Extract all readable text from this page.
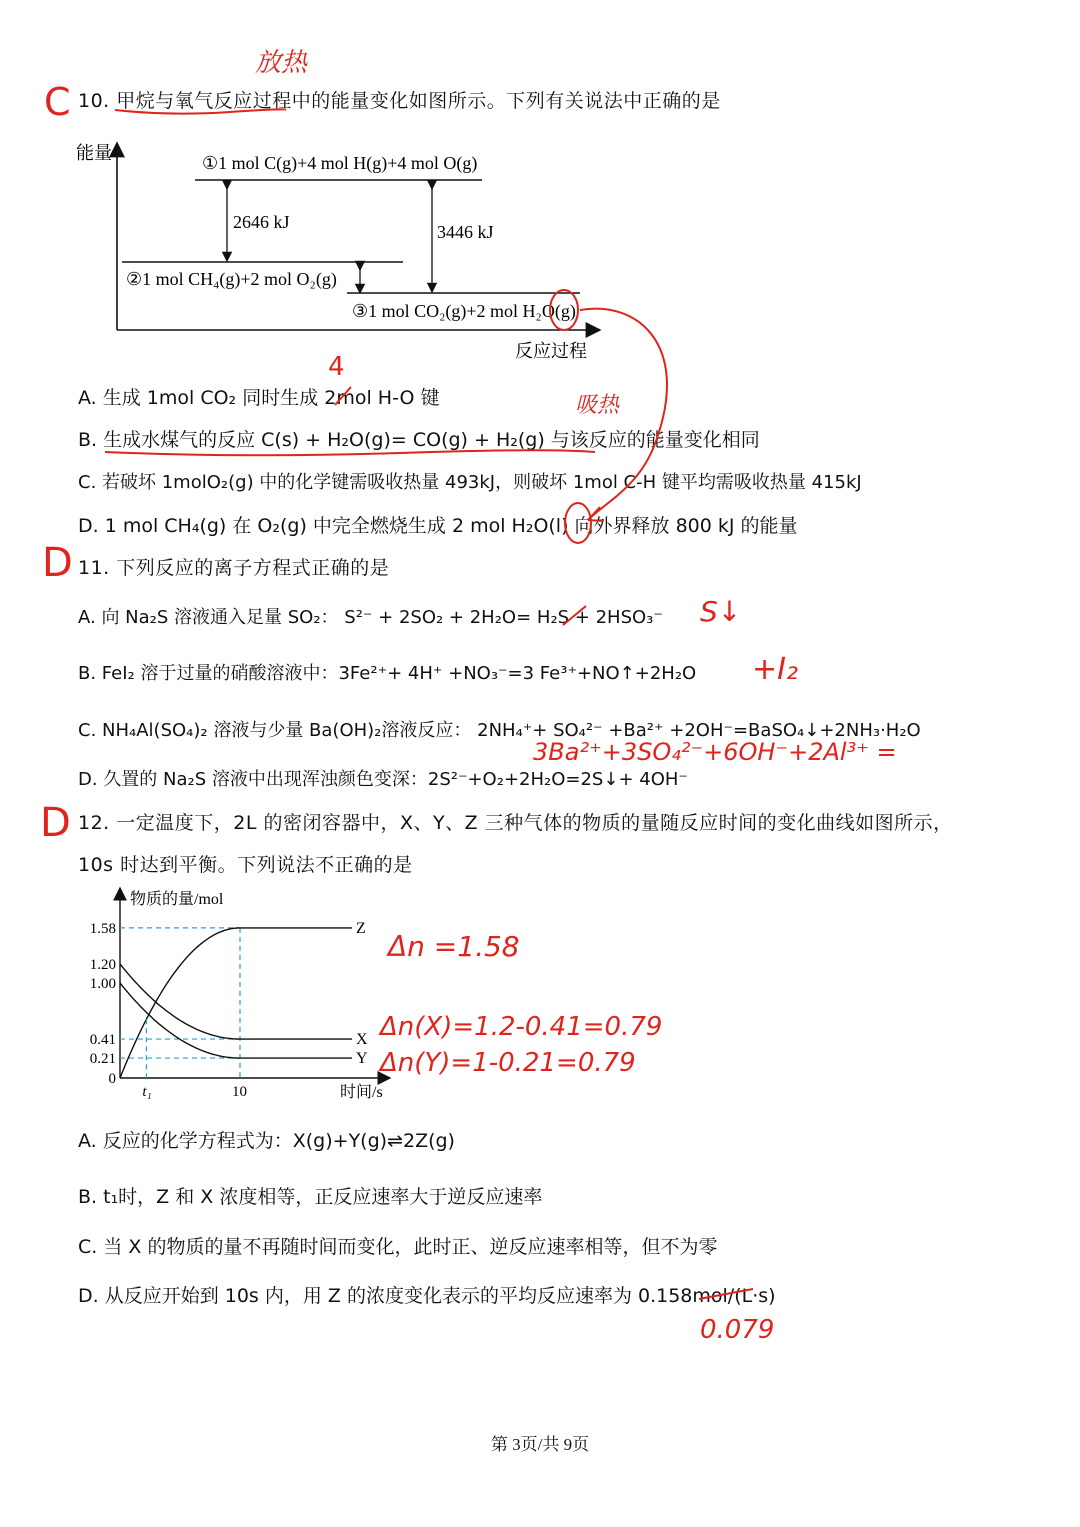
10. 甲烷与氧气反应过程中的能量变化如图所示。下列有关说法中正确的是
能量
反应过程
①1 mol C(g)+4 mol H(g)+4 mol O(g)
②1 mol CH₄(g)+2 mol O₂(g)
③1 mol CO₂(g)+2 mol H₂O(g)
2646 kJ	3446 kJ
A. 生成 1mol CO₂ 同时生成 2mol H-O 键
B. 生成水煤气的反应 C(s) + H₂O(g)= CO(g) + H₂(g) 与该反应的能量变化相同
C. 若破坏 1molO₂(g) 中的化学键需吸收热量 493kJ，则破坏 1mol C-H 键平均需吸收热量 415kJ
D. 1 mol CH₄(g) 在 O₂(g) 中完全燃烧生成 2 mol H₂O(l) 向外界释放 800 kJ 的能量
11. 下列反应的离子方程式正确的是
A. 向 Na₂S 溶液通入足量 SO₂： S²⁻ + 2SO₂ + 2H₂O= H₂S + 2HSO₃⁻
B. FeI₂ 溶于过量的硝酸溶液中：3Fe²⁺+ 4H⁺ +NO₃⁻=3 Fe³⁺+NO↑+2H₂O
C. NH₄Al(SO₄)₂ 溶液与少量 Ba(OH)₂溶液反应： 2NH₄⁺+ SO₄²⁻ +Ba²⁺ +2OH⁻=BaSO₄↓+2NH₃·H₂O
D. 久置的 Na₂S 溶液中出现浑浊颜色变深：2S²⁻+O₂+2H₂O=2S↓+ 4OH⁻
12. 一定温度下，2L 的密闭容器中，X、Y、Z 三种气体的物质的量随反应时间的变化曲线如图所示，
10s 时达到平衡。下列说法不正确的是
物质的量/mol
时间/s
1.58
1.20
1.00
0.41
0.21
0
Z
X
Y
t₁	10
A. 反应的化学方程式为：X(g)+Y(g)⇌2Z(g)
B. t₁时，Z 和 X 浓度相等，正反应速率大于逆反应速率
C. 当 X 的物质的量不再随时间而变化，此时正、逆反应速率相等，但不为零
D. 从反应开始到 10s 内，用 Z 的浓度变化表示的平均反应速率为 0.158mol/(L·s)
第 3页/共 9页
C
放热
4
吸热
D
S↓
+I₂
3Ba²⁺+3SO₄²⁻+6OH⁻+2Al³⁺ =
D
Δn =1.58
Δn(X)=1.2-0.41=0.79
Δn(Y)=1-0.21=0.79
0.079
